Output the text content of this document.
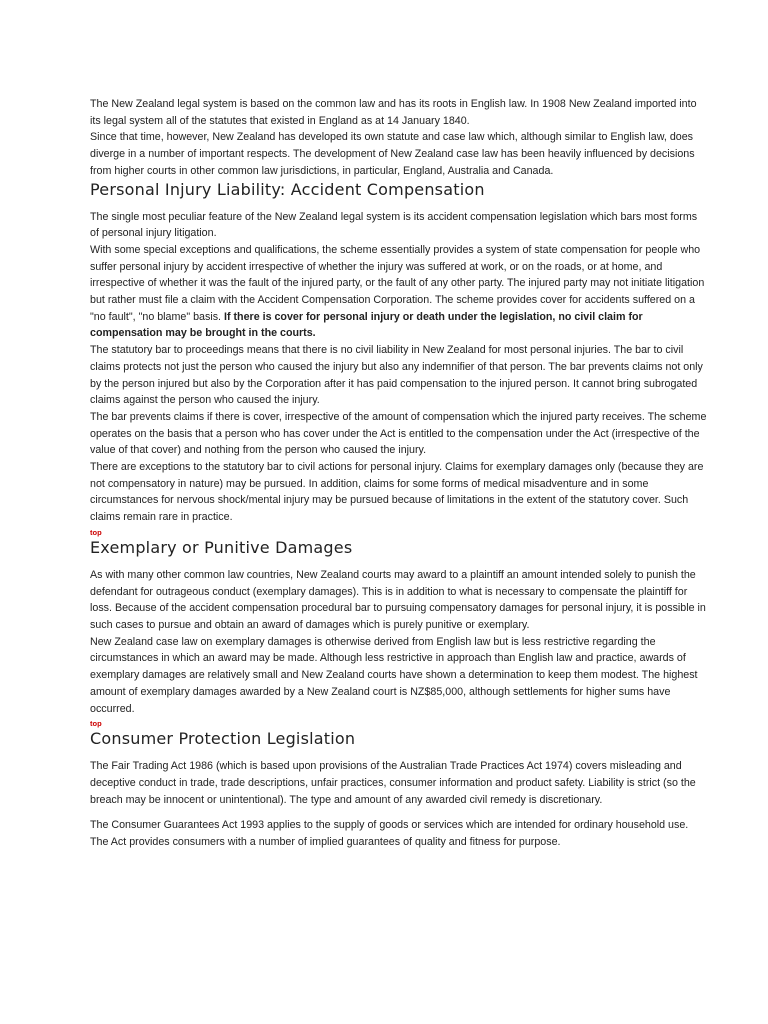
The New Zealand legal system is based on the common law and has its roots in English law. In 1908 New Zealand imported into its legal system all of the statutes that existed in England as at 14 January 1840.

Since that time, however, New Zealand has developed its own statute and case law which, although similar to English law, does diverge in a number of important respects. The development of New Zealand case law has been heavily influenced by decisions from higher courts in other common law jurisdictions, in particular, England, Australia and Canada.

Personal Injury Liability: Accident Compensation

The single most peculiar feature of the New Zealand legal system is its accident compensation legislation which bars most forms of personal injury litigation.

With some special exceptions and qualifications, the scheme essentially provides a system of state compensation for people who suffer personal injury by accident irrespective of whether the injury was suffered at work, or on the roads, or at home, and irrespective of whether it was the fault of the injured party, or the fault of any other party. The injured party may not initiate litigation but rather must file a claim with the Accident Compensation Corporation. The scheme provides cover for accidents suffered on a "no fault", "no blame" basis. If there is cover for personal injury or death under the legislation, no civil claim for compensation may be brought in the courts.

The statutory bar to proceedings means that there is no civil liability in New Zealand for most personal injuries. The bar to civil claims protects not just the person who caused the injury but also any indemnifier of that person. The bar prevents claims not only by the person injured but also by the Corporation after it has paid compensation to the injured person. It cannot bring subrogated claims against the person who caused the injury.

The bar prevents claims if there is cover, irrespective of the amount of compensation which the injured party receives. The scheme operates on the basis that a person who has cover under the Act is entitled to the compensation under the Act (irrespective of the value of that cover) and nothing from the person who caused the injury.

There are exceptions to the statutory bar to civil actions for personal injury. Claims for exemplary damages only (because they are not compensatory in nature) may be pursued. In addition, claims for some forms of medical misadventure and in some circumstances for nervous shock/mental injury may be pursued because of limitations in the extent of the statutory cover. Such claims remain rare in practice.

top
Exemplary or Punitive Damages

As with many other common law countries, New Zealand courts may award to a plaintiff an amount intended solely to punish the defendant for outrageous conduct (exemplary damages). This is in addition to what is necessary to compensate the plaintiff for loss. Because of the accident compensation procedural bar to pursuing compensatory damages for personal injury, it is possible in such cases to pursue and obtain an award of damages which is purely punitive or exemplary.

New Zealand case law on exemplary damages is otherwise derived from English law but is less restrictive regarding the circumstances in which an award may be made. Although less restrictive in approach than English law and practice, awards of exemplary damages are relatively small and New Zealand courts have shown a determination to keep them modest. The highest amount of exemplary damages awarded by a New Zealand court is NZ$85,000, although settlements for higher sums have occurred.

top
Consumer Protection Legislation

The Fair Trading Act 1986 (which is based upon provisions of the Australian Trade Practices Act 1974) covers misleading and deceptive conduct in trade, trade descriptions, unfair practices, consumer information and product safety. Liability is strict (so the breach may be innocent or unintentional). The type and amount of any awarded civil remedy is discretionary.

The Consumer Guarantees Act 1993 applies to the supply of goods or services which are intended for ordinary household use. The Act provides consumers with a number of implied guarantees of quality and fitness for purpose.
